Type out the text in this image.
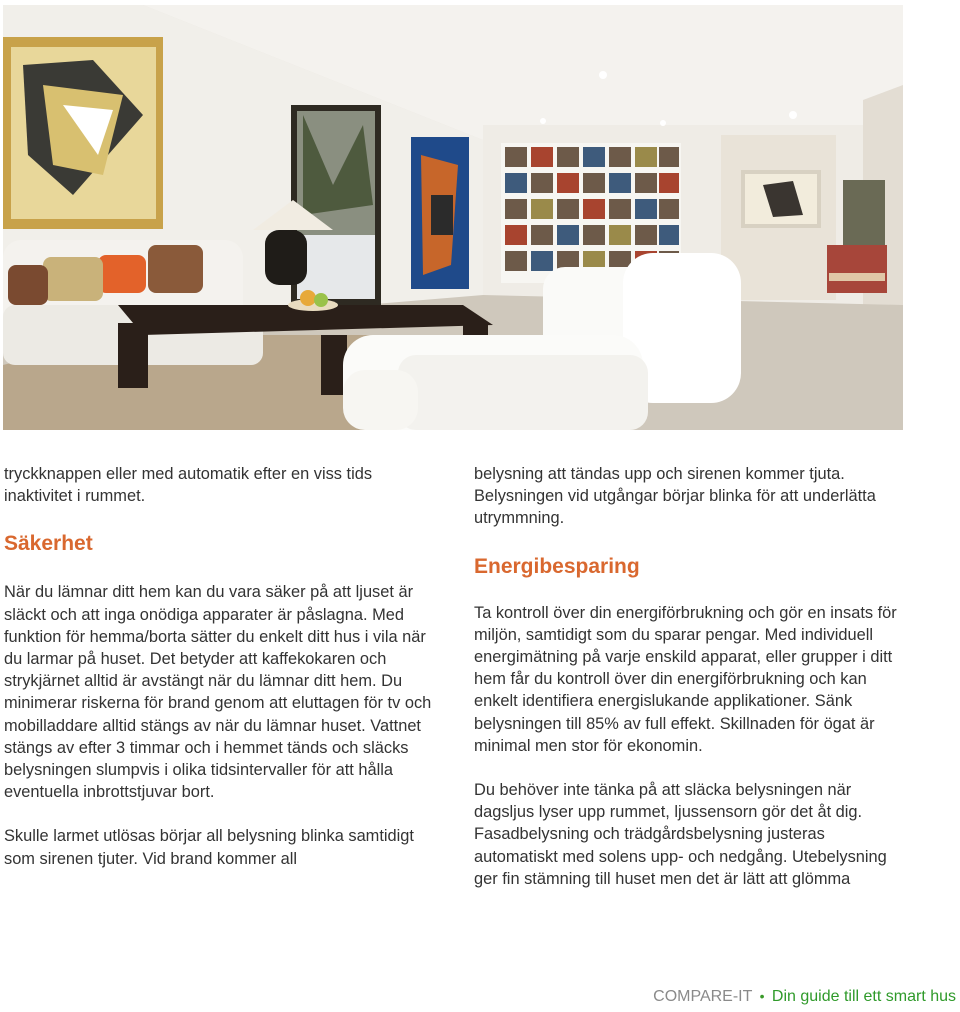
tryckknappen eller med automatik efter en viss tids inaktivitet i rummet.

Säkerhet

När du lämnar ditt hem kan du vara säker på att ljuset är släckt och att inga onödiga apparater är påslagna. Med funktion för hemma/borta sätter du enkelt ditt hus i vila när du larmar på huset. Det betyder att kaffekokaren och strykjärnet alltid är avstängt när du lämnar ditt hem. Du minimerar riskerna för brand genom att eluttagen för tv och mobilladdare alltid stängs av när du lämnar huset. Vattnet stängs av efter 3 timmar och i hemmet tänds och släcks belysningen slumpvis i olika tidsintervaller för att hålla eventuella inbrottstjuvar bort.

Skulle larmet utlösas börjar all belysning blinka samtidigt som sirenen tjuter. Vid brand kommer all

belysning att tändas upp och sirenen kommer tjuta. Belysningen vid utgångar börjar blinka för att underlätta utrymmning.

Energibesparing

Ta kontroll över din energiförbrukning och gör en insats för miljön, samtidigt som du sparar pengar. Med individuell energimätning på varje enskild apparat, eller grupper i ditt hem får du kontroll över din energiförbrukning och kan enkelt identifiera energislukande applikationer. Sänk belysningen till 85% av full effekt. Skillnaden för ögat är minimal men stor för ekonomin.

Du behöver inte tänka på att släcka belysningen när dagsljus lyser upp rummet, ljussensorn gör det åt dig. Fasadbelysning och trädgårdsbelysning justeras automatiskt med solens upp- och nedgång. Utebelysning ger fin stämning till huset men det är lätt att glömma

COMPARE-IT • Din guide till ett smart hus
